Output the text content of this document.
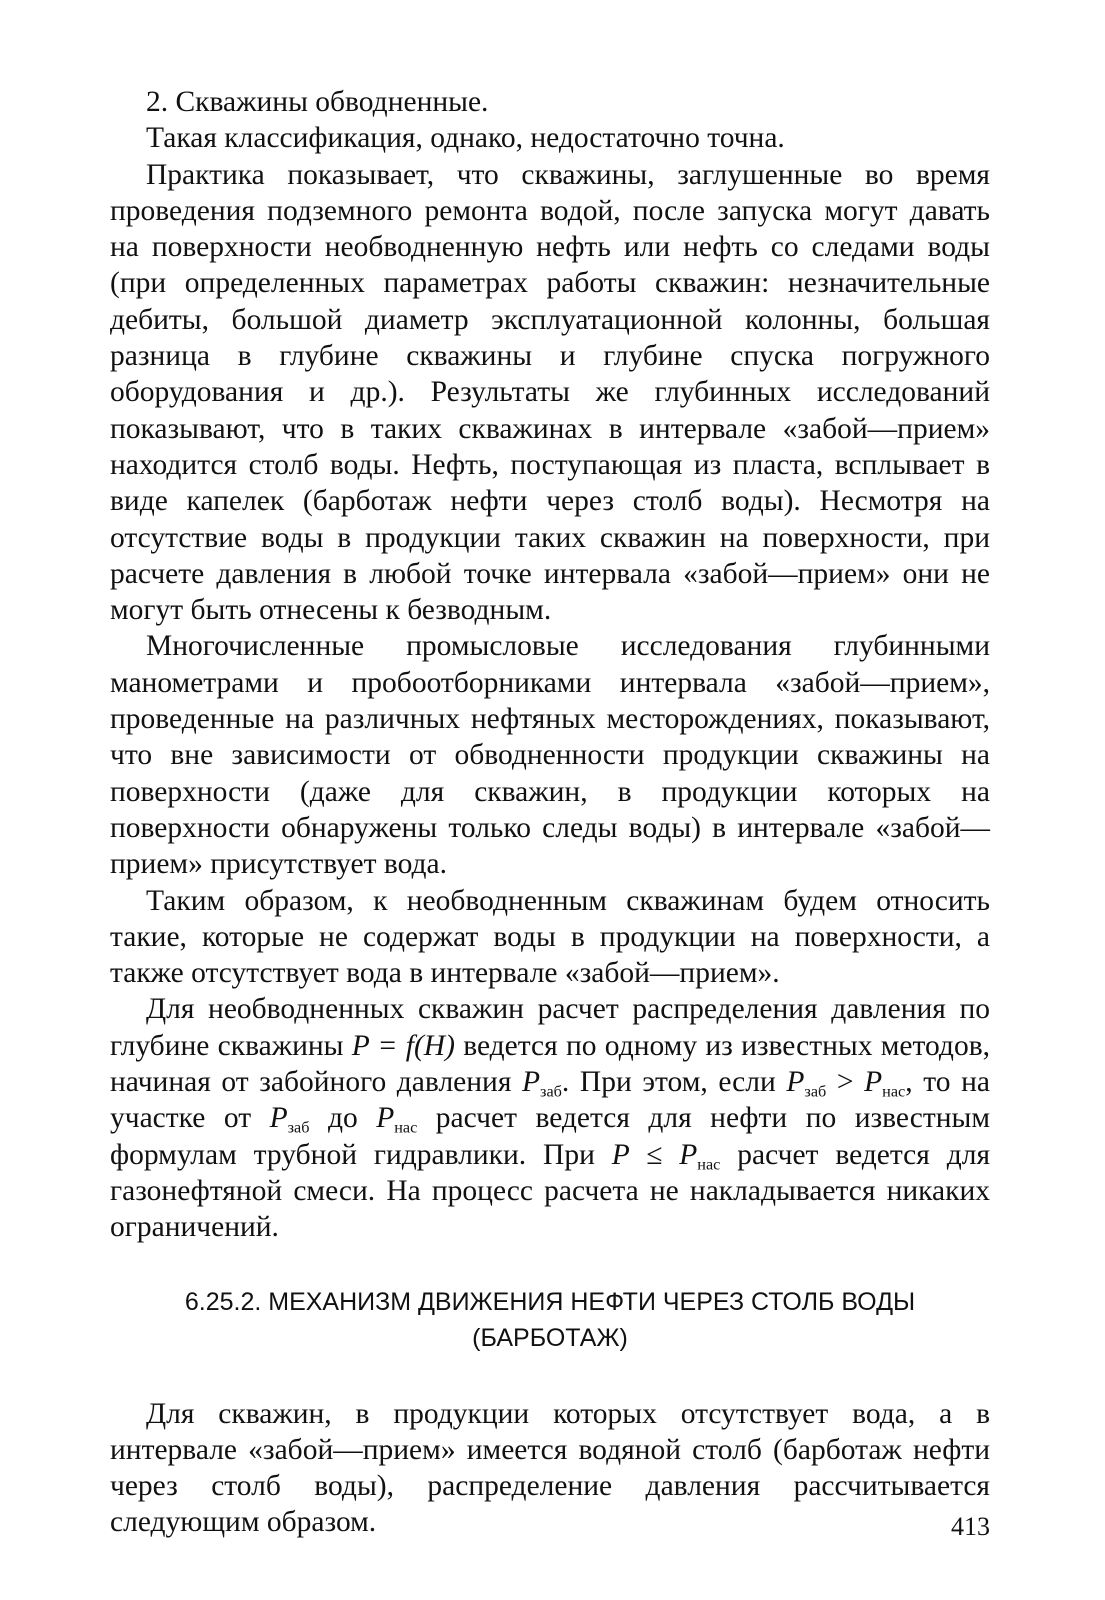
2. Скважины обводненные.

Такая классификация, однако, недостаточно точна.

Практика показывает, что скважины, заглушенные во время проведения подземного ремонта водой, после запуска могут давать на поверхности необводненную нефть или нефть со следами воды (при определенных параметрах работы скважин: незначительные дебиты, большой диаметр эксплуатационной колонны, большая разница в глубине скважины и глубине спуска погружного оборудования и др.). Результаты же глубинных исследований показывают, что в таких скважинах в интервале «забой—прием» находится столб воды. Нефть, поступающая из пласта, всплывает в виде капелек (барботаж нефти через столб воды). Несмотря на отсутствие воды в продукции таких скважин на поверхности, при расчете давления в любой точке интервала «забой—прием» они не могут быть отнесены к безводным.

Многочисленные промысловые исследования глубинными манометрами и пробоотборниками интервала «забой—прием», проведенные на различных нефтяных месторождениях, показывают, что вне зависимости от обводненности продукции скважины на поверхности (даже для скважин, в продукции которых на поверхности обнаружены только следы воды) в интервале «забой—прием» присутствует вода.

Таким образом, к необводненным скважинам будем относить такие, которые не содержат воды в продукции на поверхности, а также отсутствует вода в интервале «забой—прием».

Для необводненных скважин расчет распределения давления по глубине скважины P = f(H) ведется по одному из известных методов, начиная от забойного давления $P_{заб}$. При этом, если $P_{заб} > P_{нас}$, то на участке от $P_{заб}$ до $P_{нас}$ расчет ведется для нефти по известным формулам трубной гидравлики. При $P \le P_{нас}$ расчет ведется для газонефтяной смеси. На процесс расчета не накладывается никаких ограничений.

6.25.2. МЕХАНИЗМ ДВИЖЕНИЯ НЕФТИ ЧЕРЕЗ СТОЛБ ВОДЫ
(БАРБОТАЖ)

Для скважин, в продукции которых отсутствует вода, а в интервале «забой—прием» имеется водяной столб (барботаж нефти через столб воды), распределение давления рассчитывается следующим образом.	413
